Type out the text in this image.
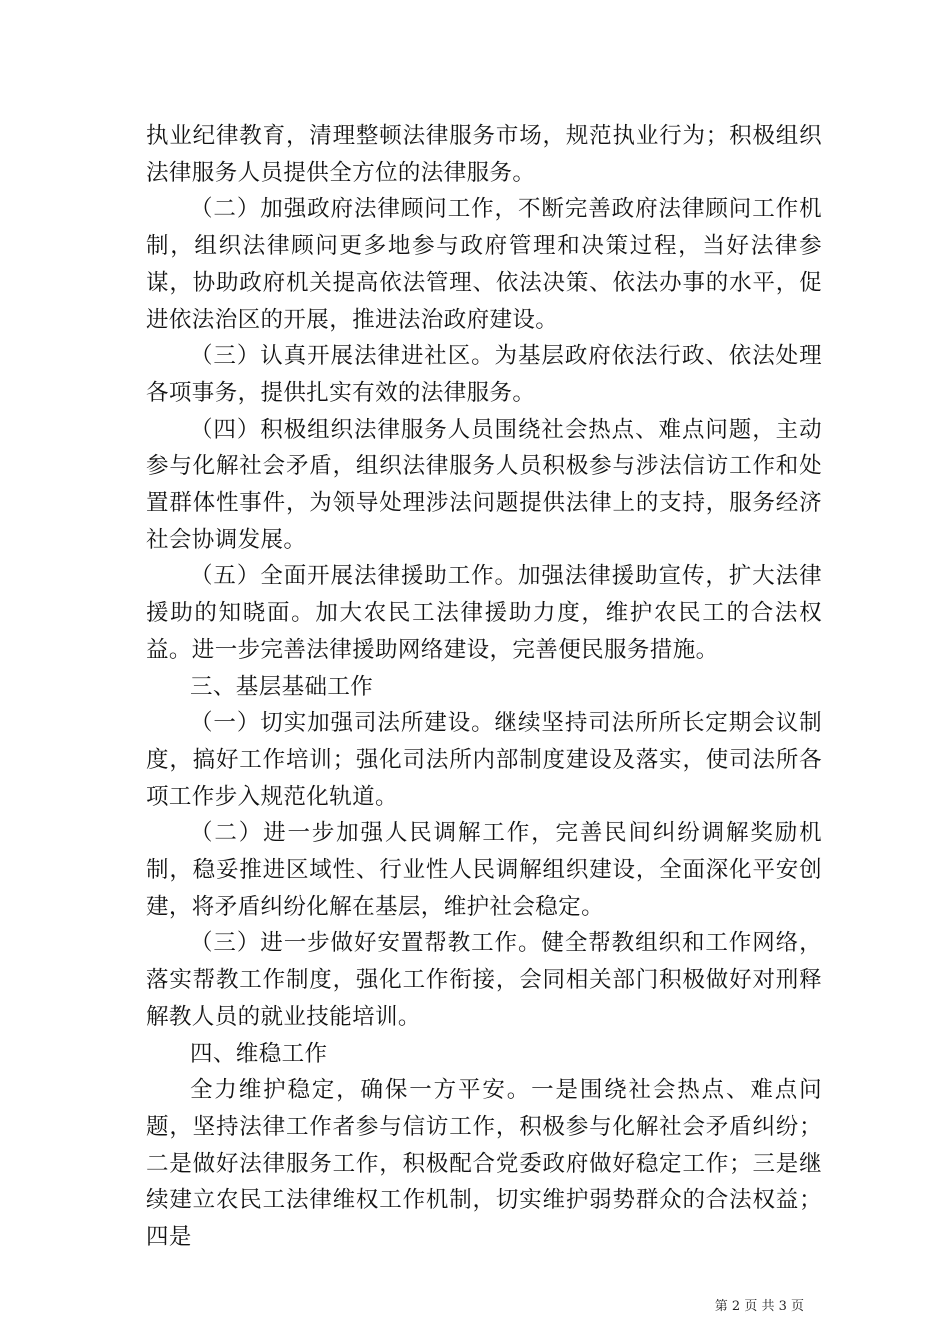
执业纪律教育，清理整顿法律服务市场，规范执业行为；积极组织法律服务人员提供全方位的法律服务。

（二）加强政府法律顾问工作，不断完善政府法律顾问工作机制，组织法律顾问更多地参与政府管理和决策过程，当好法律参谋，协助政府机关提高依法管理、依法决策、依法办事的水平，促进依法治区的开展，推进法治政府建设。

（三）认真开展法律进社区。为基层政府依法行政、依法处理各项事务，提供扎实有效的法律服务。

（四）积极组织法律服务人员围绕社会热点、难点问题，主动参与化解社会矛盾，组织法律服务人员积极参与涉法信访工作和处置群体性事件，为领导处理涉法问题提供法律上的支持，服务经济社会协调发展。

（五）全面开展法律援助工作。加强法律援助宣传，扩大法律援助的知晓面。加大农民工法律援助力度，维护农民工的合法权益。进一步完善法律援助网络建设，完善便民服务措施。

三、基层基础工作

（一）切实加强司法所建设。继续坚持司法所所长定期会议制度，搞好工作培训；强化司法所内部制度建设及落实，使司法所各项工作步入规范化轨道。

（二）进一步加强人民调解工作，完善民间纠纷调解奖励机制，稳妥推进区域性、行业性人民调解组织建设，全面深化平安创建，将矛盾纠纷化解在基层，维护社会稳定。

（三）进一步做好安置帮教工作。健全帮教组织和工作网络，落实帮教工作制度，强化工作衔接，会同相关部门积极做好对刑释解教人员的就业技能培训。

四、维稳工作

全力维护稳定，确保一方平安。一是围绕社会热点、难点问题，坚持法律工作者参与信访工作，积极参与化解社会矛盾纠纷；二是做好法律服务工作，积极配合党委政府做好稳定工作；三是继续建立农民工法律维权工作机制，切实维护弱势群众的合法权益；四是

第 2 页 共 3 页
